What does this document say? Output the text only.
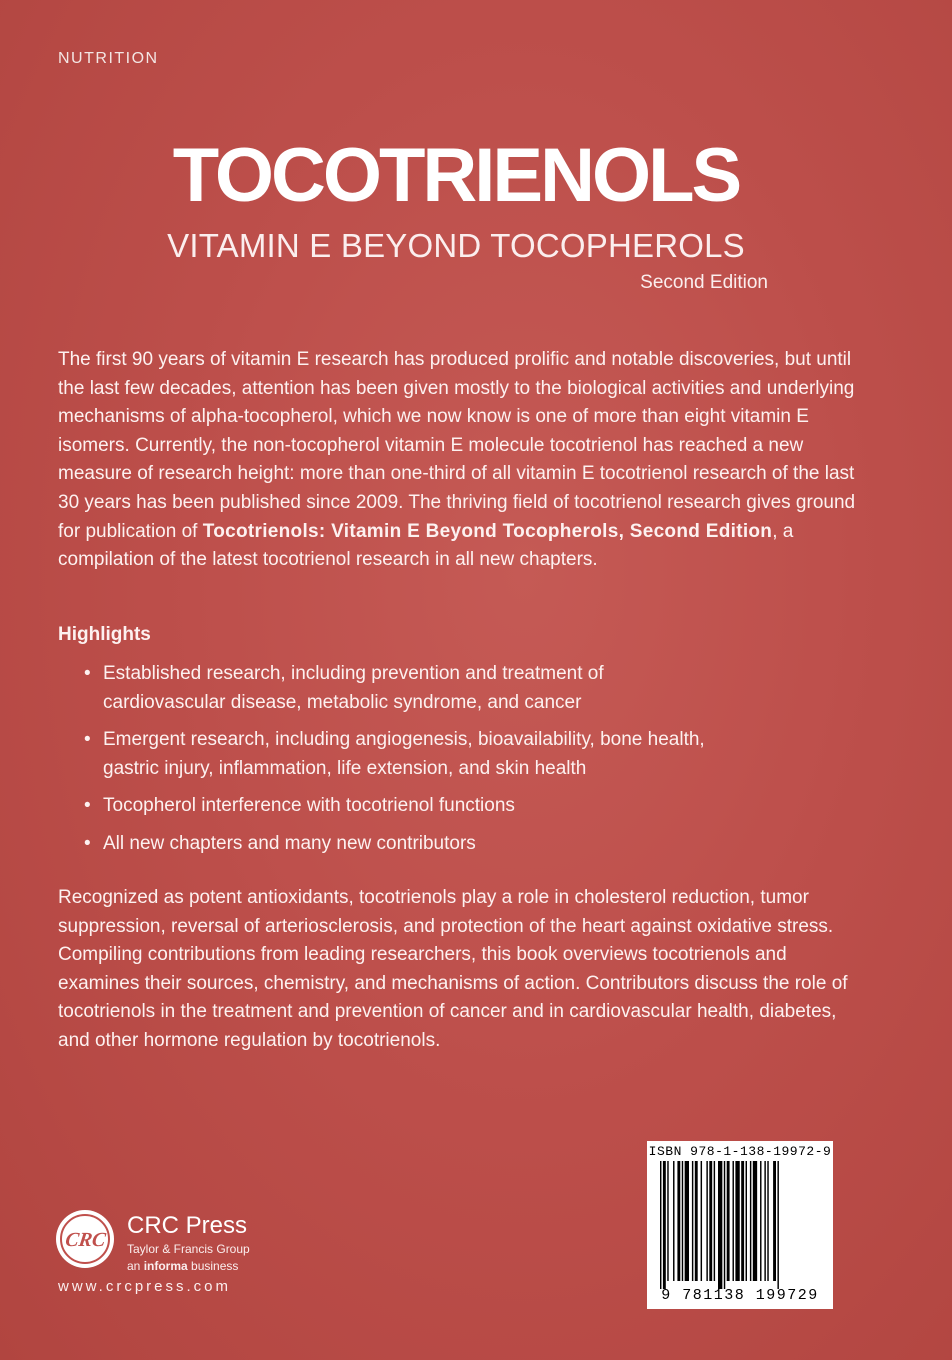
NUTRITION
TOCOTRIENOLS
VITAMIN E BEYOND TOCOPHEROLS
Second Edition

The first 90 years of vitamin E research has produced prolific and notable discoveries, but until the last few decades, attention has been given mostly to the biological activities and underlying mechanisms of alpha-tocopherol, which we now know is one of more than eight vitamin E isomers. Currently, the non-tocopherol vitamin E molecule tocotrienol has reached a new measure of research height: more than one-third of all vitamin E tocotrienol research of the last 30 years has been published since 2009. The thriving field of tocotrienol research gives ground for publication of Tocotrienols: Vitamin E Beyond Tocopherols, Second Edition, a compilation of the latest tocotrienol research in all new chapters.

Highlights
• Established research, including prevention and treatment of cardiovascular disease, metabolic syndrome, and cancer
• Emergent research, including angiogenesis, bioavailability, bone health, gastric injury, inflammation, life extension, and skin health
• Tocopherol interference with tocotrienol functions
• All new chapters and many new contributors

Recognized as potent antioxidants, tocotrienols play a role in cholesterol reduction, tumor suppression, reversal of arteriosclerosis, and protection of the heart against oxidative stress. Compiling contributions from leading researchers, this book overviews tocotrienols and examines their sources, chemistry, and mechanisms of action. Contributors discuss the role of tocotrienols in the treatment and prevention of cancer and in cardiovascular health, diabetes, and other hormone regulation by tocotrienols.

CRC
CRC Press
Taylor & Francis Group
an informa business
www.crcpress.com
ISBN 978-1-138-19972-9
9 781138 199729
